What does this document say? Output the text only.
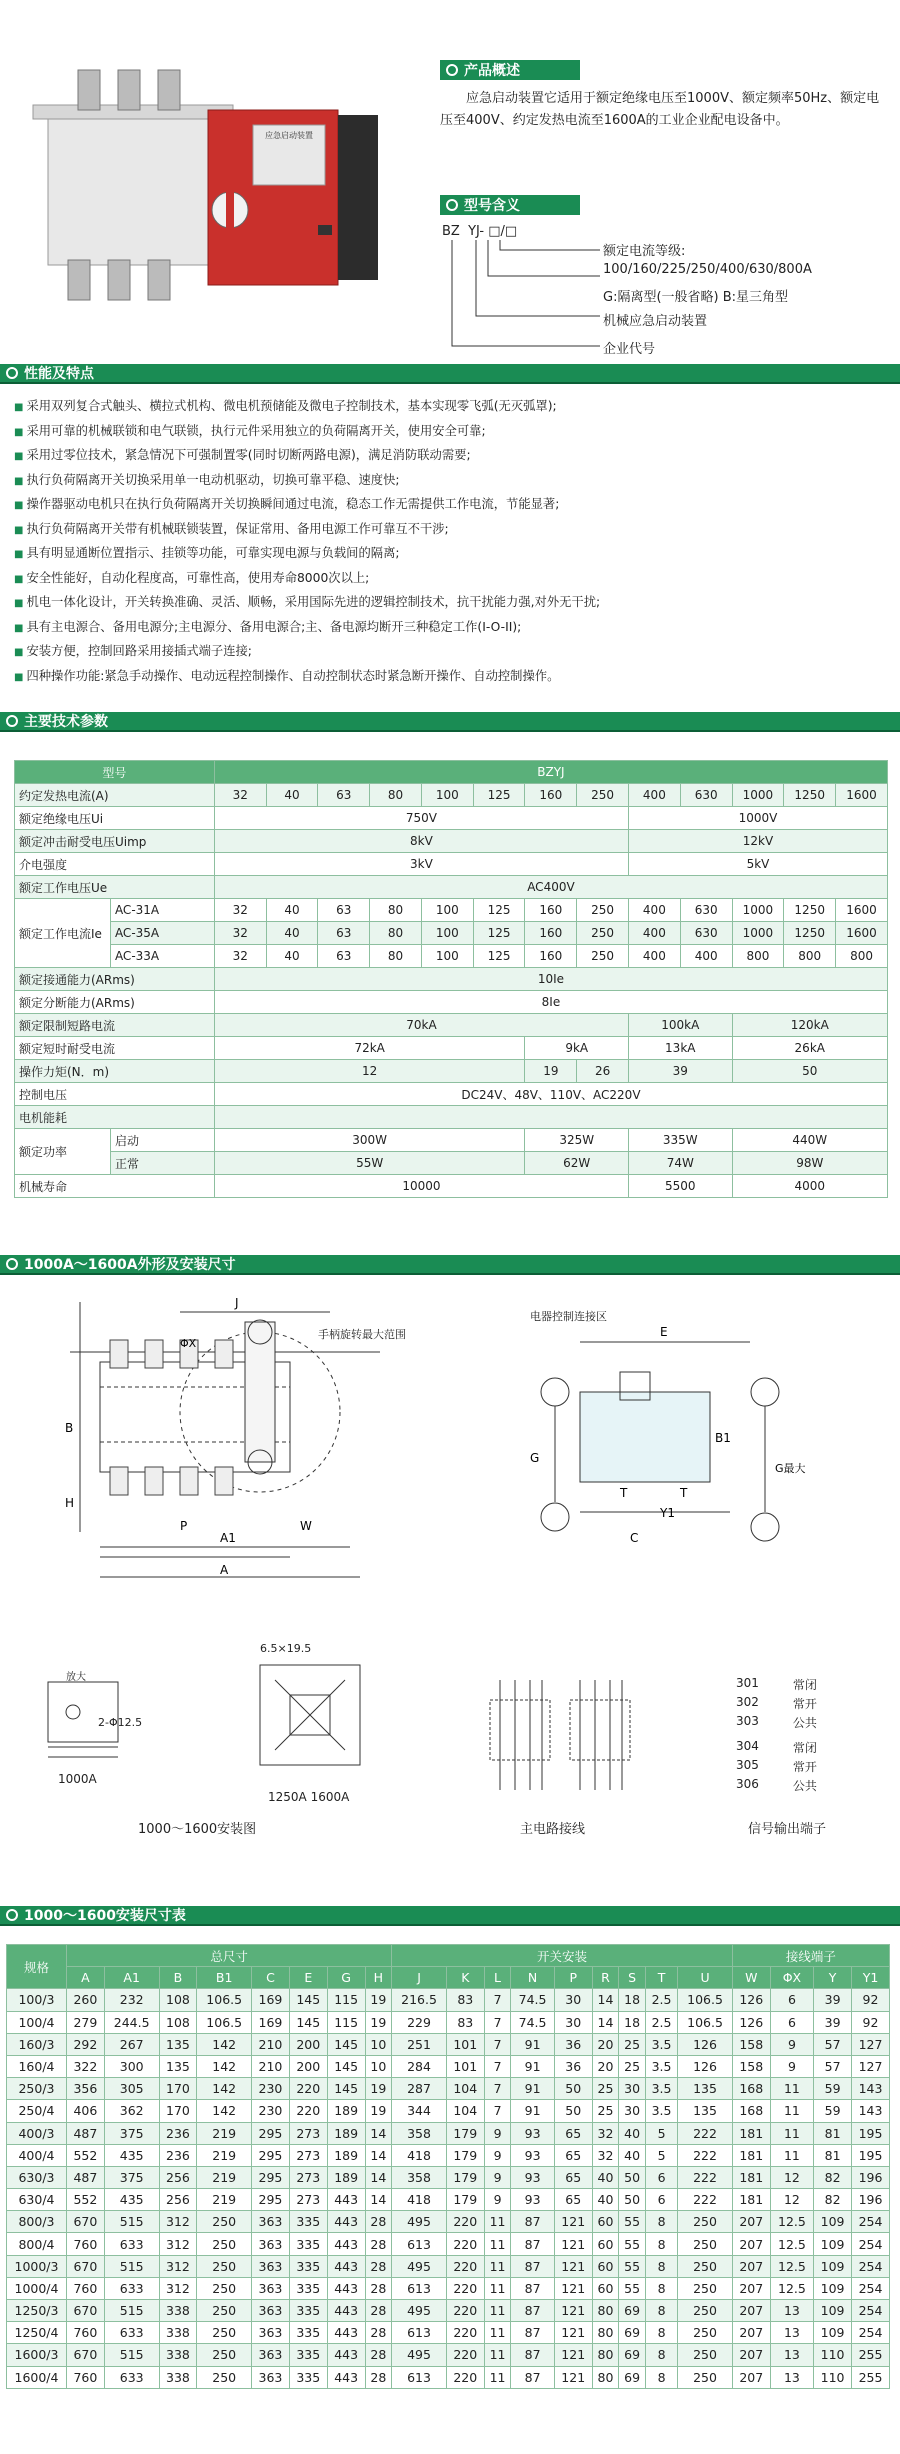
应急启动装置
产品概述
应急启动装置它适用于额定绝缘电压至1000V、额定频率50Hz、额定电压至400V、约定发热电流至1600A的工业企业配电设备中。
型号含义
BZ  YJ- □/□
额定电流等级:
100/160/225/250/400/630/800A
G:隔离型(一般省略) B:星三角型
机械应急启动装置
企业代号
性能及特点
■ 采用双列复合式触头、横拉式机构、微电机预储能及微电子控制技术，基本实现零飞弧(无灭弧罩);
■ 采用可靠的机械联锁和电气联锁，执行元件采用独立的负荷隔离开关，使用安全可靠;
■ 采用过零位技术，紧急情况下可强制置零(同时切断两路电源)，满足消防联动需要;
■ 执行负荷隔离开关切换采用单一电动机驱动，切换可靠平稳、速度快;
■ 操作器驱动电机只在执行负荷隔离开关切换瞬间通过电流，稳态工作无需提供工作电流，节能显著;
■ 执行负荷隔离开关带有机械联锁装置，保证常用、备用电源工作可靠互不干涉;
■ 具有明显通断位置指示、挂锁等功能，可靠实现电源与负载间的隔离;
■ 安全性能好，自动化程度高，可靠性高，使用寿命8000次以上;
■ 机电一体化设计，开关转换准确、灵活、顺畅，采用国际先进的逻辑控制技术，抗干扰能力强,对外无干扰;
■ 具有主电源合、备用电源分;主电源分、备用电源合;主、备电源均断开三种稳定工作(I-O-II);
■ 安装方便，控制回路采用接插式端子连接;
■ 四种操作功能:紧急手动操作、电动远程控制操作、自动控制状态时紧急断开操作、自动控制操作。
主要技术参数
型号		BZYJ												
约定发热电流(A)		32	40	63	80	100	125	160	250	400	630	1000	1250	1600
额定绝缘电压Ui		750V								1000V				
额定冲击耐受电压Uimp		8kV								12kV				
介电强度		3kV								5kV				
额定工作电压Ue		AC400V												
额定工作电流Ie	AC-31A	32	40	63	80	100	125	160	250	400	630	1000	1250	1600
	AC-35A	32	40	63	80	100	125	160	250	400	630	1000	1250	1600
	AC-33A	32	40	63	80	100	125	160	250	400	400	800	800	800
额定接通能力(ARms)		10Ie												
额定分断能力(ARms)		8Ie												
额定限制短路电流		70kA								100kA		120kA		
额定短时耐受电流		72kA						9kA		13kA		26kA		
操作力矩(N．m)		12						19	26	39		50		
控制电压		DC24V、48V、110V、AC220V												
电机能耗														
额定功率	启动	300W						325W		335W		440W		
	正常	55W						62W		74W		98W		
机械寿命		10000								5500		4000		
1000A～1600A外形及安装尺寸
J
P
A1
A
W
B
H
ΦX
手柄旋转最大范围	E
B1
C
G
G最大
T	T
Y1
电器控制连接区
放大
2-Φ12.5
1000A
6.5×19.5
1250A 1600A
1000～1600安装图	主电路接线
301	常闭
302	常开
303	公共
304	常闭
305	常开
306	公共
信号输出端子
1000～1600安装尺寸表
规格	总尺寸								开关安装									接线端子			
	A	A1	B	B1	C	E	G	H	J	K	L	N	P	R	S	T	U	W	ΦX	Y	Y1
100/3	260	232	108	106.5	169	145	115	19	216.5	83	7	74.5	30	14	18	2.5	106.5	126	6	39	92
100/4	279	244.5	108	106.5	169	145	115	19	229	83	7	74.5	30	14	18	2.5	106.5	126	6	39	92
160/3	292	267	135	142	210	200	145	10	251	101	7	91	36	20	25	3.5	126	158	9	57	127
160/4	322	300	135	142	210	200	145	10	284	101	7	91	36	20	25	3.5	126	158	9	57	127
250/3	356	305	170	142	230	220	145	19	287	104	7	91	50	25	30	3.5	135	168	11	59	143
250/4	406	362	170	142	230	220	189	19	344	104	7	91	50	25	30	3.5	135	168	11	59	143
400/3	487	375	236	219	295	273	189	14	358	179	9	93	65	32	40	5	222	181	11	81	195
400/4	552	435	236	219	295	273	189	14	418	179	9	93	65	32	40	5	222	181	11	81	195
630/3	487	375	256	219	295	273	189	14	358	179	9	93	65	40	50	6	222	181	12	82	196
630/4	552	435	256	219	295	273	443	14	418	179	9	93	65	40	50	6	222	181	12	82	196
800/3	670	515	312	250	363	335	443	28	495	220	11	87	121	60	55	8	250	207	12.5	109	254
800/4	760	633	312	250	363	335	443	28	613	220	11	87	121	60	55	8	250	207	12.5	109	254
1000/3	670	515	312	250	363	335	443	28	495	220	11	87	121	60	55	8	250	207	12.5	109	254
1000/4	760	633	312	250	363	335	443	28	613	220	11	87	121	60	55	8	250	207	12.5	109	254
1250/3	670	515	338	250	363	335	443	28	495	220	11	87	121	80	69	8	250	207	13	109	254
1250/4	760	633	338	250	363	335	443	28	613	220	11	87	121	80	69	8	250	207	13	109	254
1600/3	670	515	338	250	363	335	443	28	495	220	11	87	121	80	69	8	250	207	13	110	255
1600/4	760	633	338	250	363	335	443	28	613	220	11	87	121	80	69	8	250	207	13	110	255
